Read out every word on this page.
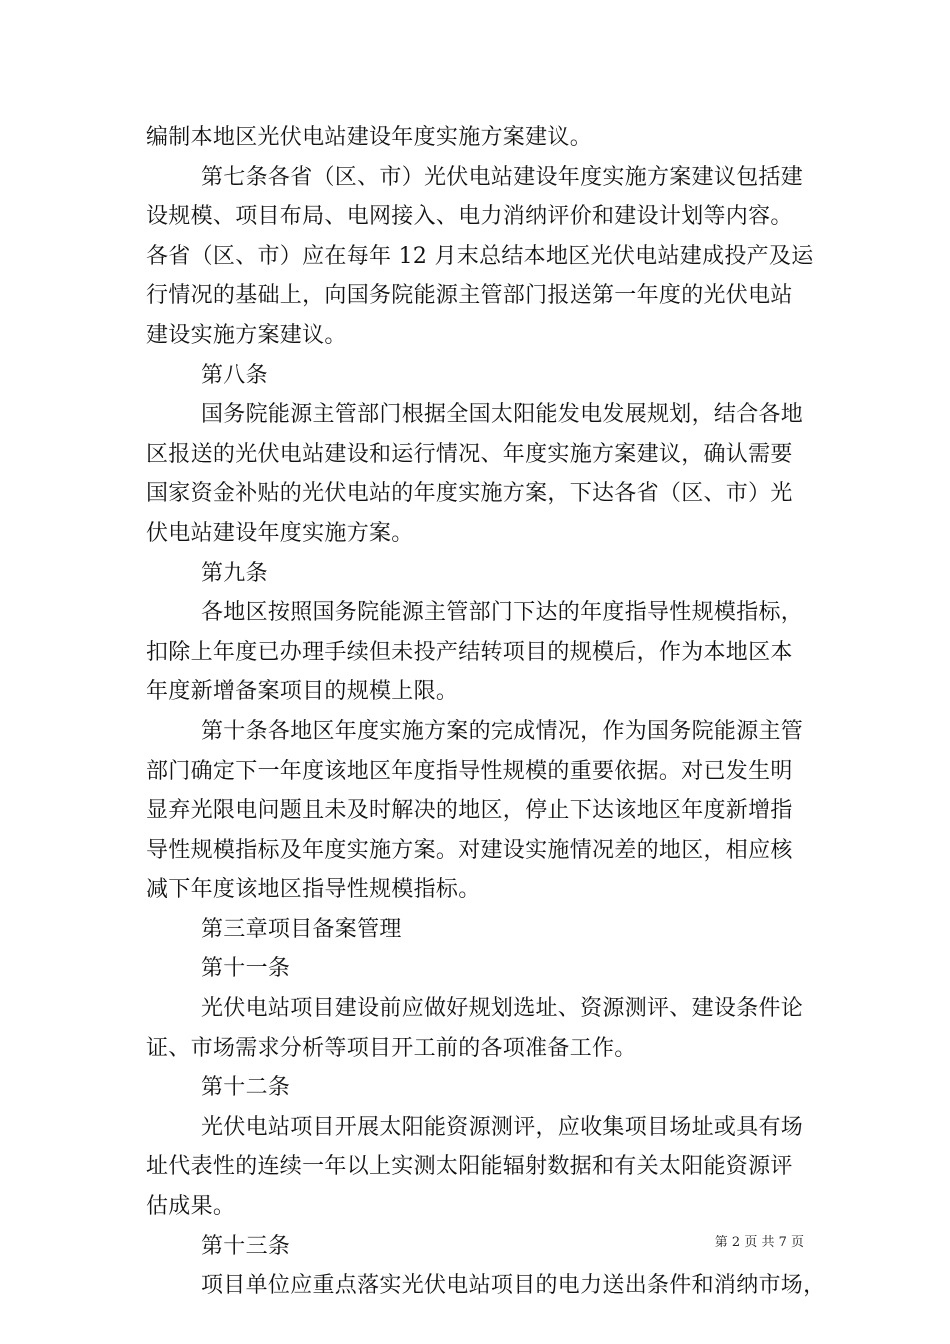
编制本地区光伏电站建设年度实施方案建议。
第七条各省（区、市）光伏电站建设年度实施方案建议包括建
设规模、项目布局、电网接入、电力消纳评价和建设计划等内容。
各省（区、市）应在每年 12 月末总结本地区光伏电站建成投产及运
行情况的基础上，向国务院能源主管部门报送第一年度的光伏电站
建设实施方案建议。
第八条
国务院能源主管部门根据全国太阳能发电发展规划，结合各地
区报送的光伏电站建设和运行情况、年度实施方案建议，确认需要
国家资金补贴的光伏电站的年度实施方案，下达各省（区、市）光
伏电站建设年度实施方案。
第九条
各地区按照国务院能源主管部门下达的年度指导性规模指标，
扣除上年度已办理手续但未投产结转项目的规模后，作为本地区本
年度新增备案项目的规模上限。
第十条各地区年度实施方案的完成情况，作为国务院能源主管
部门确定下一年度该地区年度指导性规模的重要依据。对已发生明
显弃光限电问题且未及时解决的地区，停止下达该地区年度新增指
导性规模指标及年度实施方案。对建设实施情况差的地区，相应核
减下年度该地区指导性规模指标。
第三章项目备案管理
第十一条
光伏电站项目建设前应做好规划选址、资源测评、建设条件论
证、市场需求分析等项目开工前的各项准备工作。
第十二条
光伏电站项目开展太阳能资源测评，应收集项目场址或具有场
址代表性的连续一年以上实测太阳能辐射数据和有关太阳能资源评
估成果。
第十三条
项目单位应重点落实光伏电站项目的电力送出条件和消纳市场，
第 2 页 共 7 页
